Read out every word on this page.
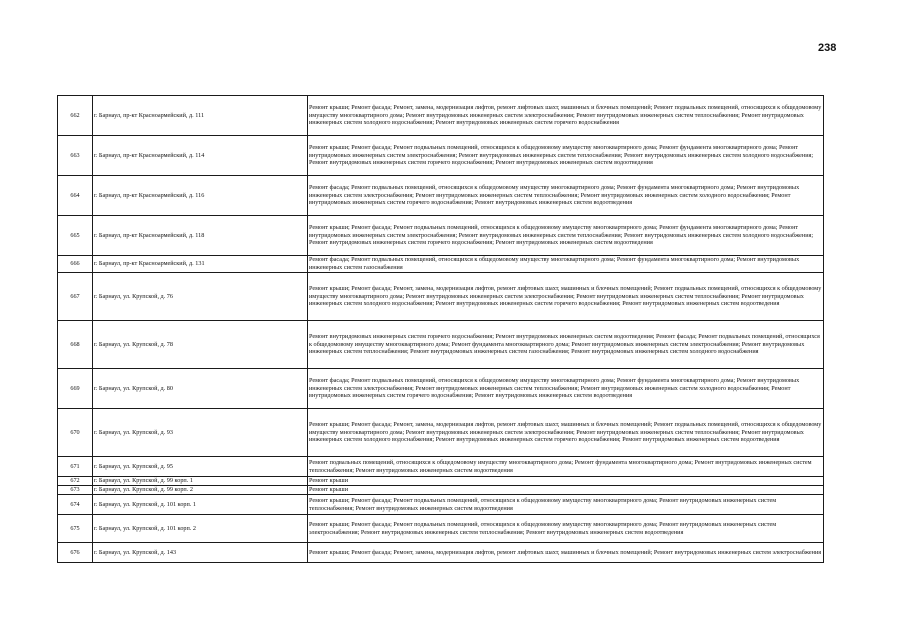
238
662	г. Барнаул, пр-кт Красноармейский, д. 111	Ремонт крыши; Ремонт фасада; Ремонт, замена, модернизация лифтов, ремонт лифтовых шахт, машинных и блочных помещений; Ремонт подвальных помещений, относящихся к общедомовому имуществу многоквартирного дома; Ремонт внутридомовых инженерных систем электроснабжения; Ремонт внутридомовых инженерных систем теплоснабжения; Ремонт внутридомовых инженерных систем холодного водоснабжения; Ремонт внутридомовых инженерных систем горячего водоснабжения
663	г. Барнаул, пр-кт Красноармейский, д. 114	Ремонт крыши; Ремонт фасада; Ремонт подвальных помещений, относящихся к общедомовому имуществу многоквартирного дома; Ремонт фундамента многоквартирного дома; Ремонт внутридомовых инженерных систем электроснабжения; Ремонт внутридомовых инженерных систем теплоснабжения; Ремонт внутридомовых инженерных систем холодного водоснабжения; Ремонт внутридомовых инженерных систем горячего водоснабжения; Ремонт внутридомовых инженерных систем водоотведения
664	г. Барнаул, пр-кт Красноармейский, д. 116	Ремонт фасада; Ремонт подвальных помещений, относящихся к общедомовому имуществу многоквартирного дома; Ремонт фундамента многоквартирного дома; Ремонт внутридомовых инженерных систем электроснабжения; Ремонт внутридомовых инженерных систем теплоснабжения; Ремонт внутридомовых инженерных систем холодного водоснабжения; Ремонт внутридомовых инженерных систем горячего водоснабжения; Ремонт внутридомовых инженерных систем водоотведения
665	г. Барнаул, пр-кт Красноармейский, д. 118	Ремонт крыши; Ремонт фасада; Ремонт подвальных помещений, относящихся к общедомовому имуществу многоквартирного дома; Ремонт фундамента многоквартирного дома; Ремонт внутридомовых инженерных систем электроснабжения; Ремонт внутридомовых инженерных систем теплоснабжения; Ремонт внутридомовых инженерных систем холодного водоснабжения; Ремонт внутридомовых инженерных систем горячего водоснабжения; Ремонт внутридомовых инженерных систем водоотведения
666	г. Барнаул, пр-кт Красноармейский, д. 131	Ремонт фасада; Ремонт подвальных помещений, относящихся к общедомовому имуществу многоквартирного дома; Ремонт фундамента многоквартирного дома; Ремонт внутридомовых инженерных систем газоснабжения
667	г. Барнаул, ул. Крупской, д. 76	Ремонт крыши; Ремонт фасада; Ремонт, замена, модернизация лифтов, ремонт лифтовых шахт, машинных и блочных помещений; Ремонт подвальных помещений, относящихся к общедомовому имуществу многоквартирного дома; Ремонт внутридомовых инженерных систем электроснабжения; Ремонт внутридомовых инженерных систем теплоснабжения; Ремонт внутридомовых инженерных систем холодного водоснабжения; Ремонт внутридомовых инженерных систем горячего водоснабжения; Ремонт внутридомовых инженерных систем водоотведения
668	г. Барнаул, ул. Крупской, д. 78	Ремонт внутридомовых инженерных систем горячего водоснабжения; Ремонт внутридомовых инженерных систем водоотведения; Ремонт фасада; Ремонт подвальных помещений, относящихся к общедомовому имуществу многоквартирного дома; Ремонт фундамента многоквартирного дома; Ремонт внутридомовых инженерных систем электроснабжения; Ремонт внутридомовых инженерных систем теплоснабжения; Ремонт внутридомовых инженерных систем газоснабжения; Ремонт внутридомовых инженерных систем холодного водоснабжения
669	г. Барнаул, ул. Крупской, д. 80	Ремонт фасада; Ремонт подвальных помещений, относящихся к общедомовому имуществу многоквартирного дома; Ремонт фундамента многоквартирного дома; Ремонт внутридомовых инженерных систем электроснабжения; Ремонт внутридомовых инженерных систем теплоснабжения; Ремонт внутридомовых инженерных систем холодного водоснабжения; Ремонт внутридомовых инженерных систем горячего водоснабжения; Ремонт внутридомовых инженерных систем водоотведения
670	г. Барнаул, ул. Крупской, д. 93	Ремонт крыши; Ремонт фасада; Ремонт, замена, модернизация лифтов, ремонт лифтовых шахт, машинных и блочных помещений; Ремонт подвальных помещений, относящихся к общедомовому имуществу многоквартирного дома; Ремонт внутридомовых инженерных систем электроснабжения; Ремонт внутридомовых инженерных систем теплоснабжения; Ремонт внутридомовых инженерных систем холодного водоснабжения; Ремонт внутридомовых инженерных систем горячего водоснабжения; Ремонт внутридомовых инженерных систем водоотведения
671	г. Барнаул, ул. Крупской, д. 95	Ремонт подвальных помещений, относящихся к общедомовому имуществу многоквартирного дома; Ремонт фундамента многоквартирного дома; Ремонт внутридомовых инженерных систем теплоснабжения; Ремонт внутридомовых инженерных систем водоотведения
672	г. Барнаул, ул. Крупской, д. 99 корп. 1	Ремонт крыши
673	г. Барнаул, ул. Крупской, д. 99 корп. 2	Ремонт крыши
674	г. Барнаул, ул. Крупской, д. 101 корп. 1	Ремонт крыши; Ремонт фасада; Ремонт подвальных помещений, относящихся к общедомовому имуществу многоквартирного дома; Ремонт внутридомовых инженерных систем теплоснабжения; Ремонт внутридомовых инженерных систем водоотведения
675	г. Барнаул, ул. Крупской, д. 101 корп. 2	Ремонт крыши; Ремонт фасада; Ремонт подвальных помещений, относящихся к общедомовому имуществу многоквартирного дома; Ремонт внутридомовых инженерных систем электроснабжения; Ремонт внутридомовых инженерных систем теплоснабжения; Ремонт внутридомовых инженерных систем водоотведения
676	г. Барнаул, ул. Крупской, д. 143	Ремонт крыши; Ремонт фасада; Ремонт, замена, модернизация лифтов, ремонт лифтовых шахт, машинных и блочных помещений; Ремонт внутридомовых инженерных систем электроснабжения
